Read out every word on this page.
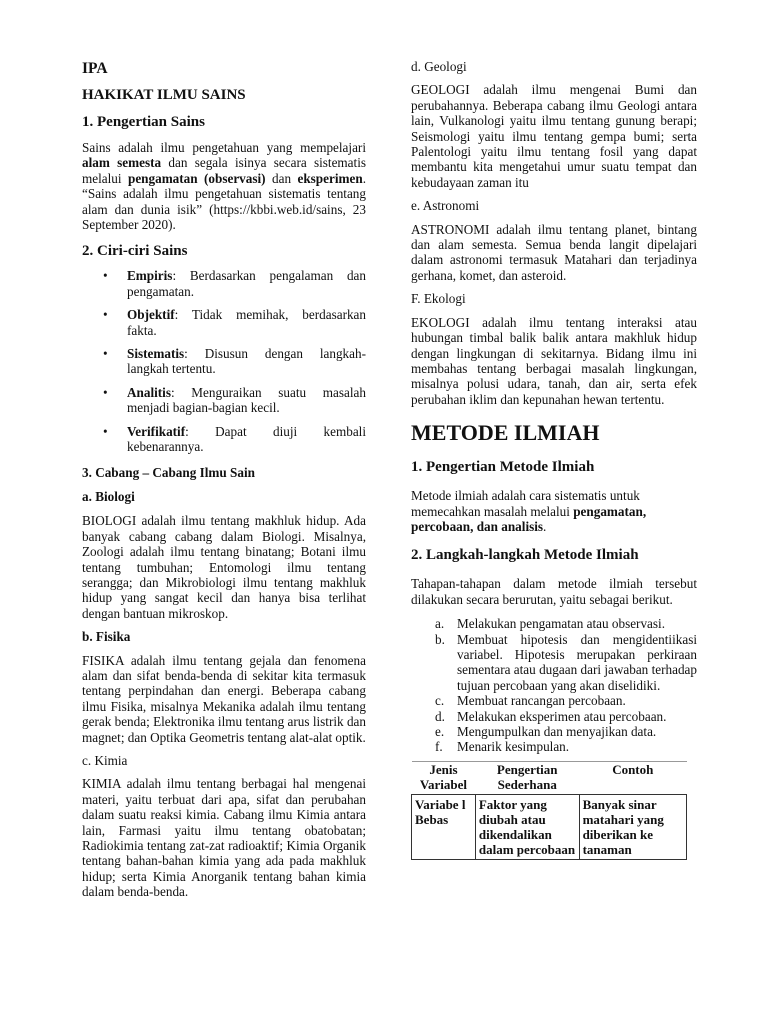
IPA
HAKIKAT ILMU SAINS
1. Pengertian Sains

Sains adalah ilmu pengetahuan yang mempelajari alam semesta dan segala isinya secara sistematis melalui pengamatan (observasi) dan eksperimen. “Sains adalah ilmu pengetahuan sistematis tentang alam dan dunia isik” (https://kbbi.web.id/sains, 23 September 2020).

2. Ciri-ciri Sains
• Empiris: Berdasarkan pengalaman dan pengamatan.
• Objektif: Tidak memihak, berdasarkan fakta.
• Sistematis: Disusun dengan langkah-langkah tertentu.
• Analitis: Menguraikan suatu masalah menjadi bagian-bagian kecil.
• Verifikatif: Dapat diuji kembali kebenarannya.
3. Cabang – Cabang Ilmu Sain
a. Biologi

BIOLOGI adalah ilmu tentang makhluk hidup. Ada banyak cabang cabang dalam Biologi. Misalnya, Zoologi adalah ilmu tentang binatang; Botani ilmu tentang tumbuhan; Entomologi ilmu tentang serangga; dan Mikrobiologi ilmu tentang makhluk hidup yang sangat kecil dan hanya bisa terlihat dengan bantuan mikroskop.

b. Fisika

FISIKA adalah ilmu tentang gejala dan fenomena alam dan sifat benda-benda di sekitar kita termasuk tentang perpindahan dan energi. Beberapa cabang ilmu Fisika, misalnya Mekanika adalah ilmu tentang gerak benda; Elektronika ilmu tentang arus listrik dan magnet; dan Optika Geometris tentang alat-alat optik.

c. Kimia

KIMIA adalah ilmu tentang berbagai hal mengenai materi, yaitu terbuat dari apa, sifat dan perubahan dalam suatu reaksi kimia. Cabang ilmu Kimia antara lain, Farmasi yaitu ilmu tentang obatobatan; Radiokimia tentang zat-zat radioaktif; Kimia Organik tentang bahan-bahan kimia yang ada pada makhluk hidup; serta Kimia Anorganik tentang bahan kimia dalam benda-benda.

d. Geologi

GEOLOGI adalah ilmu mengenai Bumi dan perubahannya. Beberapa cabang ilmu Geologi antara lain, Vulkanologi yaitu ilmu tentang gunung berapi; Seismologi yaitu ilmu tentang gempa bumi; serta Palentologi yaitu ilmu tentang fosil yang dapat membantu kita mengetahui umur suatu tempat dan kebudayaan zaman itu

e. Astronomi

ASTRONOMI adalah ilmu tentang planet, bintang dan alam semesta. Semua benda langit dipelajari dalam astronomi termasuk Matahari dan terjadinya gerhana, komet, dan asteroid.

F. Ekologi

EKOLOGI adalah ilmu tentang interaksi atau hubungan timbal balik balik antara makhluk hidup dengan lingkungan di sekitarnya. Bidang ilmu ini membahas tentang berbagai masalah lingkungan, misalnya polusi udara, tanah, dan air, serta efek perubahan iklim dan kepunahan hewan tertentu.

METODE ILMIAH
1. Pengertian Metode Ilmiah

Metode ilmiah adalah cara sistematis untuk memecahkan masalah melalui pengamatan, percobaan, dan analisis.

2. Langkah-langkah Metode Ilmiah

Tahapan-tahapan dalam metode ilmiah tersebut dilakukan secara berurutan, yaitu sebagai berikut.

a. Melakukan pengamatan atau observasi.
b. Membuat hipotesis dan mengidentiikasi variabel. Hipotesis merupakan perkiraan sementara atau dugaan dari jawaban terhadap tujuan percobaan yang akan diselidiki.
c. Membuat rancangan percobaan.
d. Melakukan eksperimen atau percobaan.
e. Mengumpulkan dan menyajikan data.
f. Menarik kesimpulan.
Jenis Variabel	Pengertian Sederhana	Contoh
Variabe l Bebas	Faktor yang diubah atau dikendalikan dalam percobaan	Banyak sinar matahari yang diberikan ke tanaman
